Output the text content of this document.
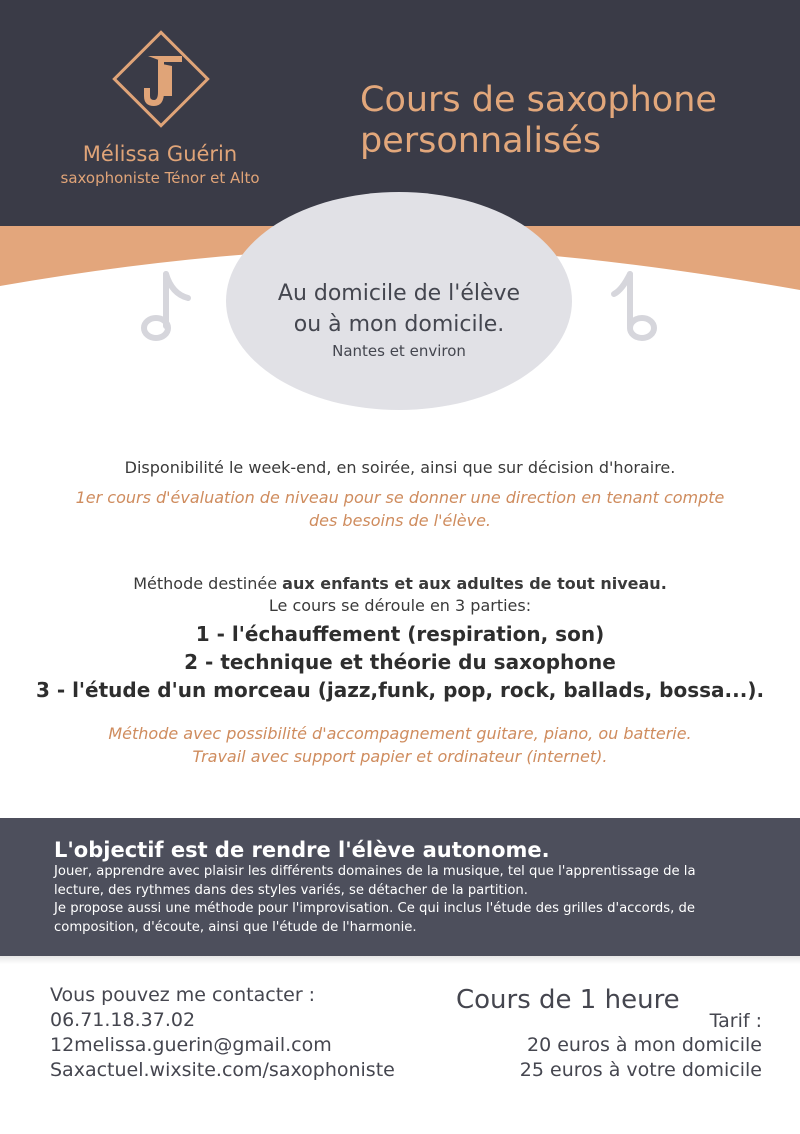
Mélissa Guérin
saxophoniste Ténor et Alto
Cours de saxophone
personnalisés
Au domicile de l'élève
ou à mon domicile.
Nantes et environ
Disponibilité le week-end, en soirée, ainsi que sur décision d'horaire.
1er cours d'évaluation de niveau pour se donner une direction en tenant compte
des besoins de l'élève.
Méthode destinée aux enfants et aux adultes de tout niveau.
Le cours se déroule en 3 parties:
1 - l'échauffement (respiration, son)
2 - technique et théorie du saxophone
3 - l'étude d'un morceau (jazz,funk, pop, rock, ballads, bossa...).
Méthode avec possibilité d'accompagnement guitare, piano, ou batterie.
Travail avec support papier et ordinateur (internet).
L'objectif est de rendre l'élève autonome.
Jouer, apprendre avec plaisir les différents domaines de la musique, tel que l'apprentissage de la
lecture, des rythmes dans des styles variés, se détacher de la partition.
Je propose aussi une méthode pour l'improvisation. Ce qui inclus l'étude des grilles d'accords, de
composition, d'écoute, ainsi que l'étude de l'harmonie.
Vous pouvez me contacter :
06.71.18.37.02
12melissa.guerin@gmail.com
Saxactuel.wixsite.com/saxophoniste
Cours de 1 heure
Tarif :
20 euros à mon domicile
25 euros à votre domicile
